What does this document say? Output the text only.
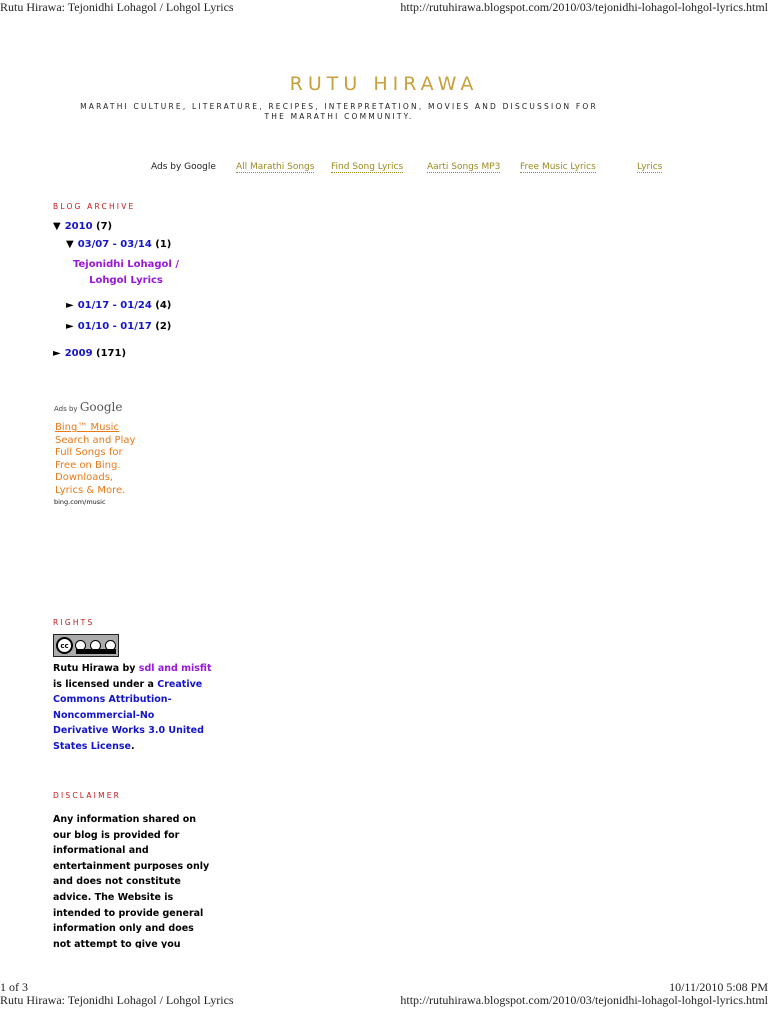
Rutu Hirawa: Tejonidhi Lohagol / Lohgol Lyrics	http://rutuhirawa.blogspot.com/2010/03/tejonidhi-lohagol-lohgol-lyrics.html
RUTU HIRAWA
MARATHI CULTURE, LITERATURE, RECIPES, INTERPRETATION, MOVIES AND DISCUSSION FOR THE MARATHI COMMUNITY.
Ads by Google All Marathi Songs Find Song Lyrics	Aarti Songs MP3 Free Music Lyrics	Lyrics
BLOG ARCHIVE
▼ 2010 (7)
▼ 03/07 - 03/14 (1)
Tejonidhi Lohagol /
Lohgol Lyrics
► 01/17 - 01/24 (4)
► 01/10 - 01/17 (2)
► 2009 (171)
Ads by Google
Bing™ Music
Search and Play
Full Songs for
Free on Bing.
Downloads,
Lyrics & More.
bing.com/music
RIGHTS
cc
Rutu Hirawa by sdl and misfit
is licensed under a Creative
Commons Attribution-
Noncommercial-No
Derivative Works 3.0 United
States License.
DISCLAIMER
Any information shared on
our blog is provided for
informational and
entertainment purposes only
and does not constitute
advice. The Website is
intended to provide general
information only and does
not attempt to give you
1 of 3	10/11/2010 5:08 PM
Rutu Hirawa: Tejonidhi Lohagol / Lohgol Lyrics	http://rutuhirawa.blogspot.com/2010/03/tejonidhi-lohagol-lohgol-lyrics.html
